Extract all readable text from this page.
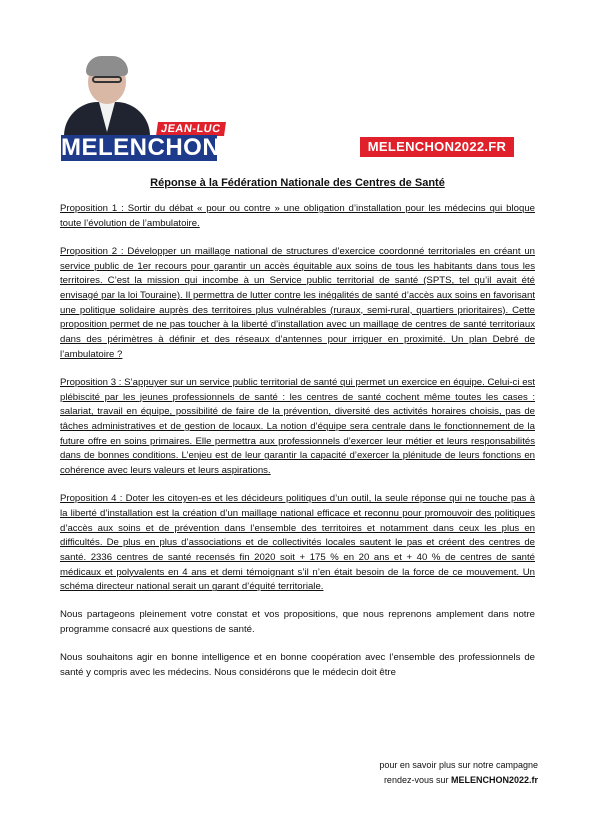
JEAN-LUC
MELENCHON	MELENCHON2022.FR
Réponse à la Fédération Nationale des Centres de Santé

Proposition 1 : Sortir du débat « pour ou contre » une obligation d’installation pour les médecins qui bloque toute l’évolution de l’ambulatoire.

Proposition 2 : Développer un maillage national de structures d’exercice coordonné territoriales en créant un service public de 1er recours pour garantir un accès équitable aux soins de tous les habitants dans tous les territoires. C’est la mission qui incombe à un Service public territorial de santé (SPTS, tel qu’il avait été envisagé par la loi Touraine). Il permettra de lutter contre les inégalités de santé d’accès aux soins en favorisant une politique solidaire auprès des territoires plus vulnérables (ruraux, semi-rural, quartiers prioritaires). Cette proposition permet de ne pas toucher à la liberté d’installation avec un maillage de centres de santé territoriaux dans des périmètres à définir et des réseaux d’antennes pour irriguer en proximité. Un plan Debré de l’ambulatoire ?

Proposition 3 : S’appuyer sur un service public territorial de santé qui permet un exercice en équipe. Celui-ci est plébiscité par les jeunes professionnels de santé : les centres de santé cochent même toutes les cases : salariat, travail en équipe, possibilité de faire de la prévention, diversité des activités horaires choisis, pas de tâches administratives et de gestion de locaux. La notion d’équipe sera centrale dans le fonctionnement de la future offre en soins primaires. Elle permettra aux professionnels d’exercer leur métier et leurs responsabilités dans de bonnes conditions. L’enjeu est de leur garantir la capacité d’exercer la plénitude de leurs fonctions en cohérence avec leurs valeurs et leurs aspirations.

Proposition 4 : Doter les citoyen-es et les décideurs politiques d’un outil, la seule réponse qui ne touche pas à la liberté d’installation est la création d’un maillage national efficace et reconnu pour promouvoir des politiques d’accès aux soins et de prévention dans l’ensemble des territoires et notamment dans ceux les plus en difficultés. De plus en plus d’associations et de collectivités locales sautent le pas et créent des centres de santé. 2336 centres de santé recensés fin 2020 soit + 175 % en 20 ans et + 40 % de centres de santé médicaux et polyvalents en 4 ans et demi témoignant s’il n’en était besoin de la force de ce mouvement. Un schéma directeur national serait un garant d’équité territoriale.

Nous partageons pleinement votre constat et vos propositions, que nous reprenons amplement dans notre programme consacré aux questions de santé.

Nous souhaitons agir en bonne intelligence et en bonne coopération avec l’ensemble des professionnels de santé y compris avec les médecins. Nous considérons que le médecin doit être

pour en savoir plus sur notre campagne
rendez-vous sur MELENCHON2022.fr
